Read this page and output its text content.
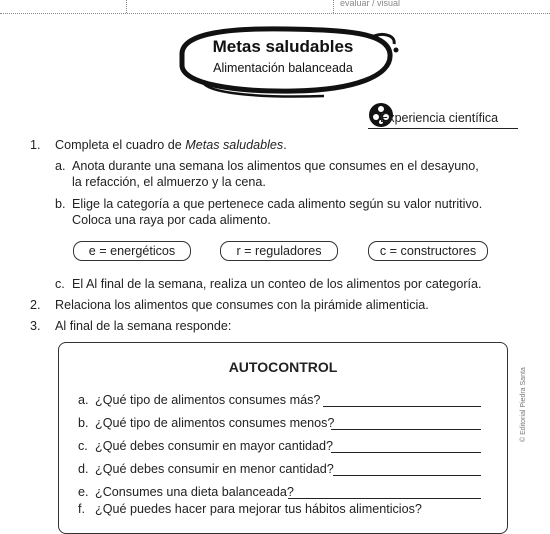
evaluar / visual
Metas saludables
Alimentación balanceada
Experiencia científica
1. Completa el cuadro de Metas saludables.
a. Anota durante una semana los alimentos que consumes en el desayuno,
la refacción, el almuerzo y la cena.
b. Elige la categoría a que pertenece cada alimento según su valor nutritivo.
Coloca una raya por cada alimento.
e = energéticos	r = reguladores	c = constructores
c. El Al final de la semana, realiza un conteo de los alimentos por categoría.
2. Relaciona los alimentos que consumes con la pirámide alimenticia.
3. Al final de la semana responde:
AUTOCONTROL
a. ¿Qué tipo de alimentos consumes más?
b. ¿Qué tipo de alimentos consumes menos?
c. ¿Qué debes consumir en mayor cantidad?
d. ¿Qué debes consumir en menor cantidad?
e. ¿Consumes una dieta balanceada?
f. ¿Qué puedes hacer para mejorar tus hábitos alimenticios?
© Editorial Piedra Santa
